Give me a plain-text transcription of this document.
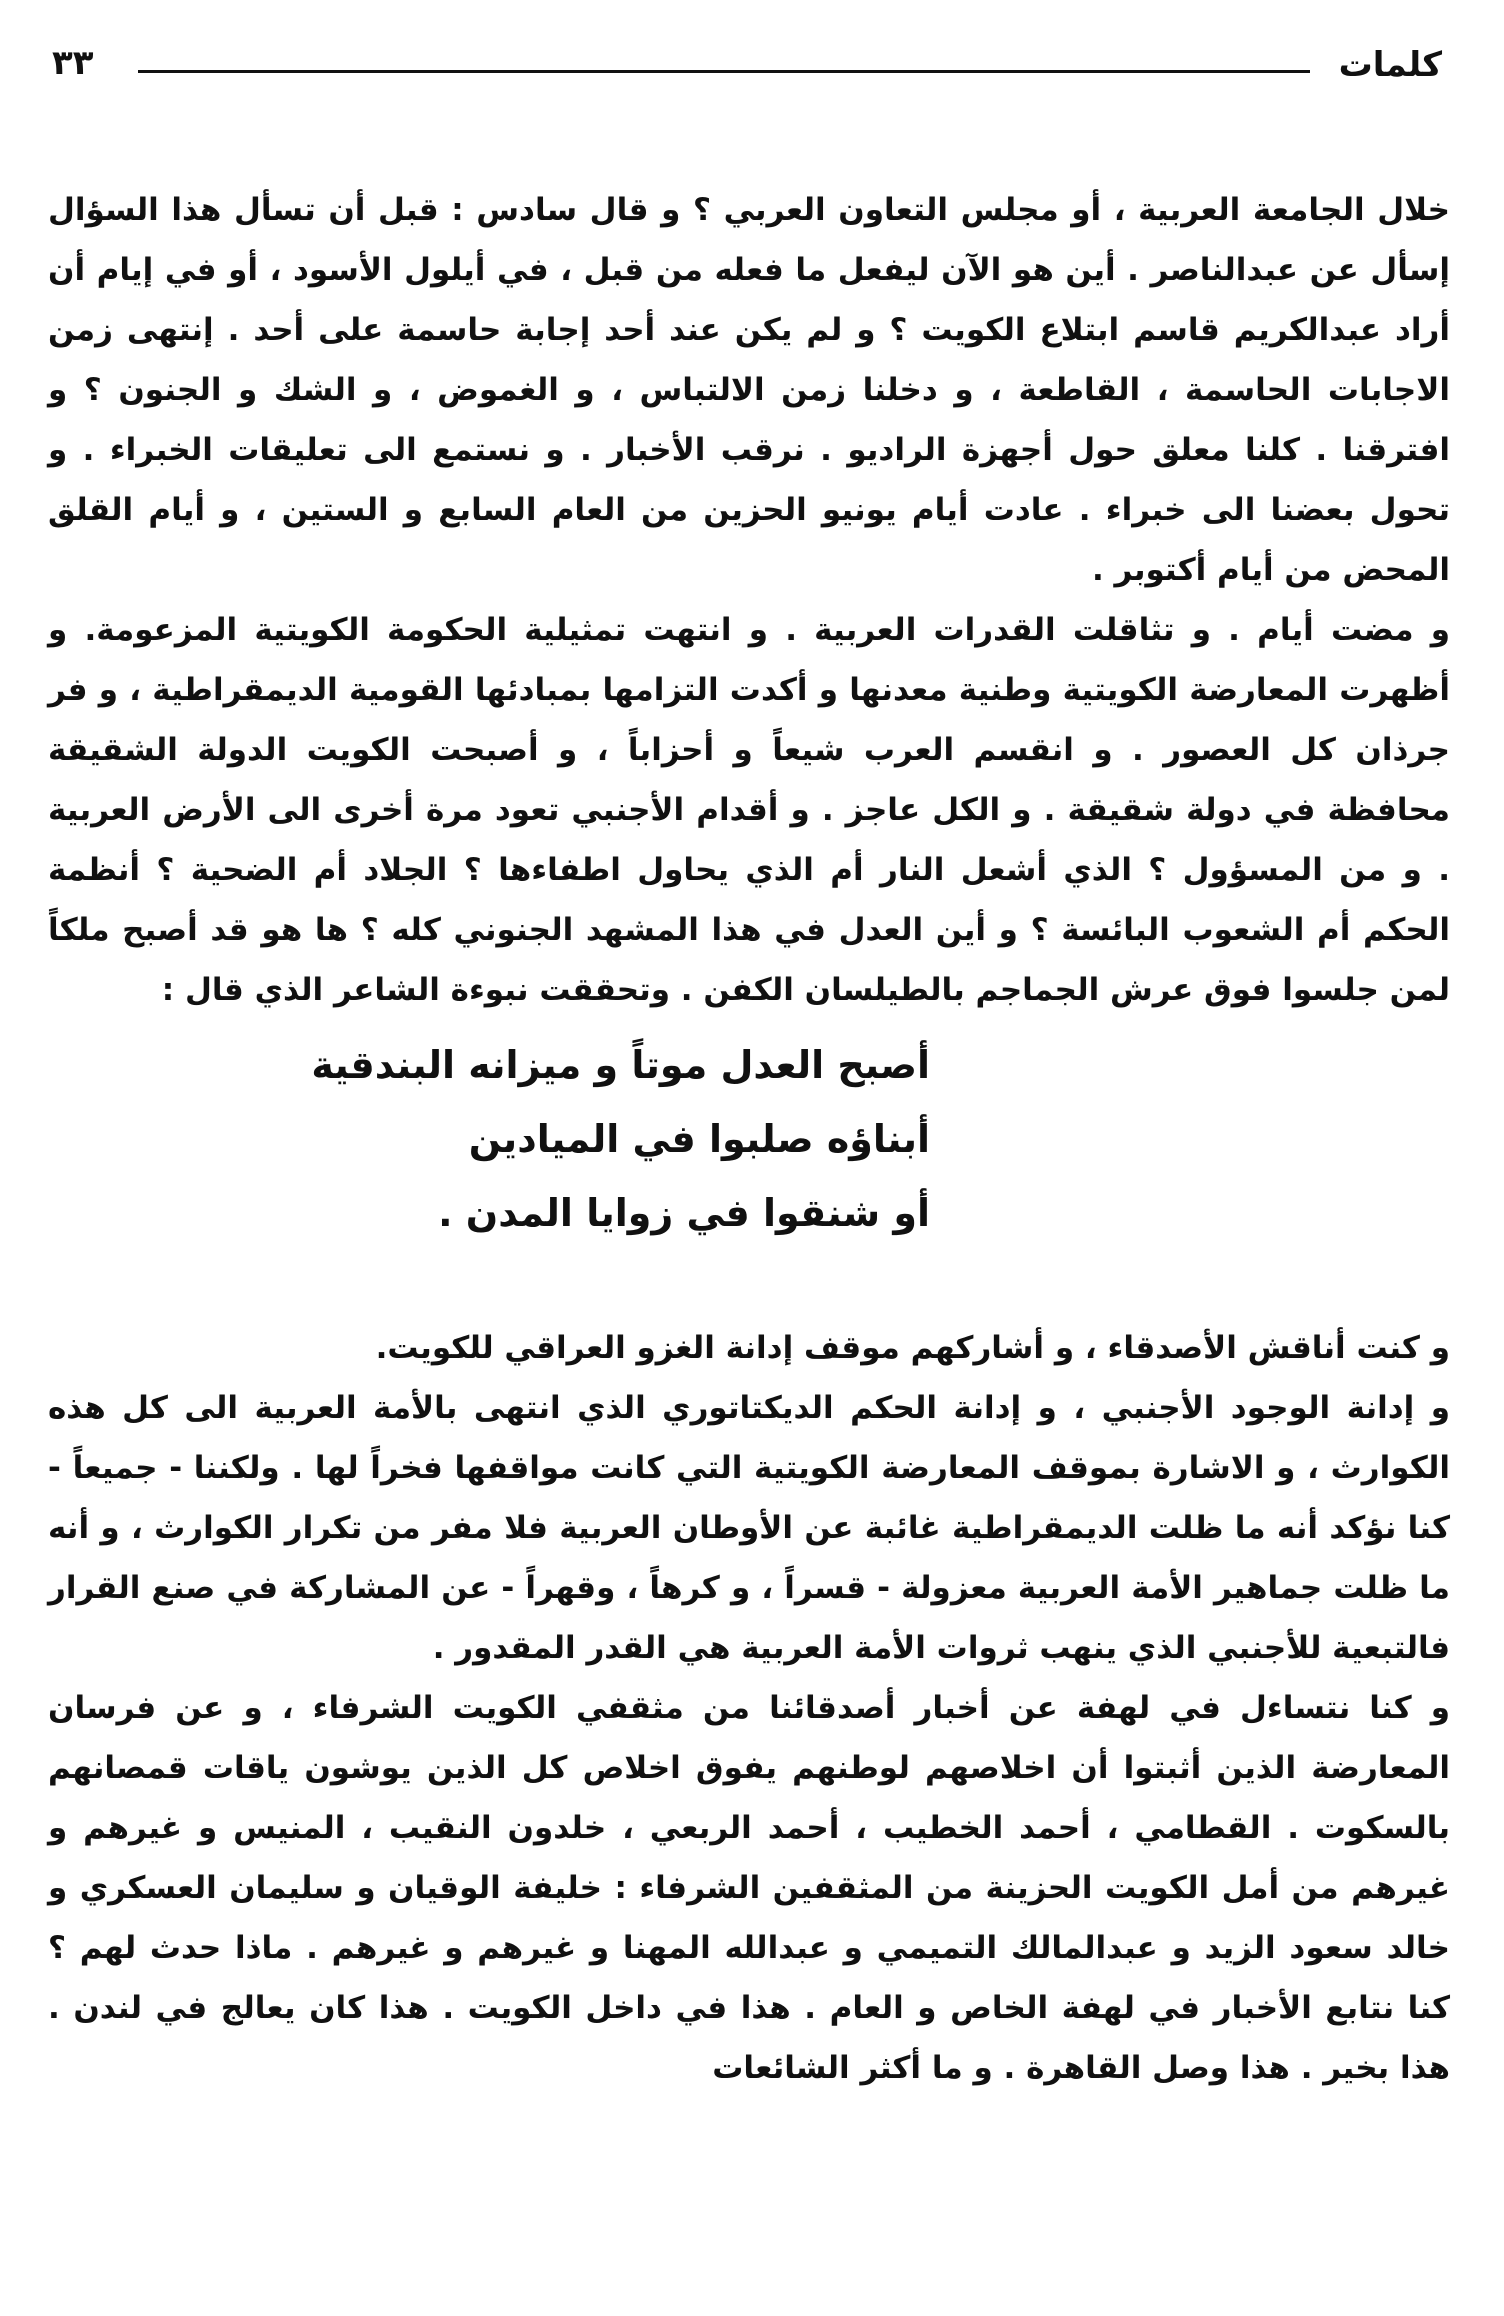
كلمات
٣٣

خلال الجامعة العربية ، أو مجلس التعاون العربي ؟ و قال سادس : قبل أن تسأل هذا السؤال إسأل عن عبدالناصر . أين هو الآن ليفعل ما فعله من قبل ، في أيلول الأسود ، أو في إيام أن أراد عبدالكريم قاسم ابتلاع الكويت ؟ و لم يكن عند أحد إجابة حاسمة على أحد . إنتهى زمن الاجابات الحاسمة ، القاطعة ، و دخلنا زمن الالتباس ، و الغموض ، و الشك و الجنون ؟ و افترقنا . كلنا معلق حول أجهزة الراديو . نرقب الأخبار . و نستمع الى تعليقات الخبراء . و تحول بعضنا الى خبراء . عادت أيام يونيو الحزين من العام السابع و الستين ، و أيام القلق المحض من أيام أكتوبر .

و مضت أيام . و تثاقلت القدرات العربية . و انتهت تمثيلية الحكومة الكويتية المزعومة. و أظهرت المعارضة الكويتية وطنية معدنها و أكدت التزامها بمبادئها القومية الديمقراطية ، و فر جرذان كل العصور . و انقسم العرب شيعاً و أحزاباً ، و أصبحت الكويت الدولة الشقيقة محافظة في دولة شقيقة . و الكل عاجز . و أقدام الأجنبي تعود مرة أخرى الى الأرض العربية . و من المسؤول ؟ الذي أشعل النار أم الذي يحاول اطفاءها ؟ الجلاد أم الضحية ؟ أنظمة الحكم أم الشعوب البائسة ؟ و أين العدل في هذا المشهد الجنوني كله ؟ ها هو قد أصبح ملكاً لمن جلسوا فوق عرش الجماجم بالطيلسان الكفن . وتحققت نبوءة الشاعر الذي قال :

أصبح العدل موتاً و ميزانه البندقية
أبناؤه صلبوا في الميادين
أو شنقوا في زوايا المدن .

و كنت أناقش الأصدقاء ، و أشاركهم موقف إدانة الغزو العراقي للكويت.

و إدانة الوجود الأجنبي ، و إدانة الحكم الديكتاتوري الذي انتهى بالأمة العربية الى كل هذه الكوارث ، و الاشارة بموقف المعارضة الكويتية التي كانت مواقفها فخراً لها . ولكننا - جميعاً - كنا نؤكد أنه ما ظلت الديمقراطية غائبة عن الأوطان العربية فلا مفر من تكرار الكوارث ، و أنه ما ظلت جماهير الأمة العربية معزولة - قسراً ، و كرهاً ، وقهراً - عن المشاركة في صنع القرار فالتبعية للأجنبي الذي ينهب ثروات الأمة العربية هي القدر المقدور .

و كنا نتساءل في لهفة عن أخبار أصدقائنا من مثقفي الكويت الشرفاء ، و عن فرسان المعارضة الذين أثبتوا أن اخلاصهم لوطنهم يفوق اخلاص كل الذين يوشون ياقات قمصانهم بالسكوت . القطامي ، أحمد الخطيب ، أحمد الربعي ، خلدون النقيب ، المنيس و غيرهم و غيرهم من أمل الكويت الحزينة من المثقفين الشرفاء : خليفة الوقيان و سليمان العسكري و خالد سعود الزيد و عبدالمالك التميمي و عبدالله المهنا و غيرهم و غيرهم . ماذا حدث لهم ؟ كنا نتابع الأخبار في لهفة الخاص و العام . هذا في داخل الكويت . هذا كان يعالج في لندن . هذا بخير . هذا وصل القاهرة . و ما أكثر الشائعات
